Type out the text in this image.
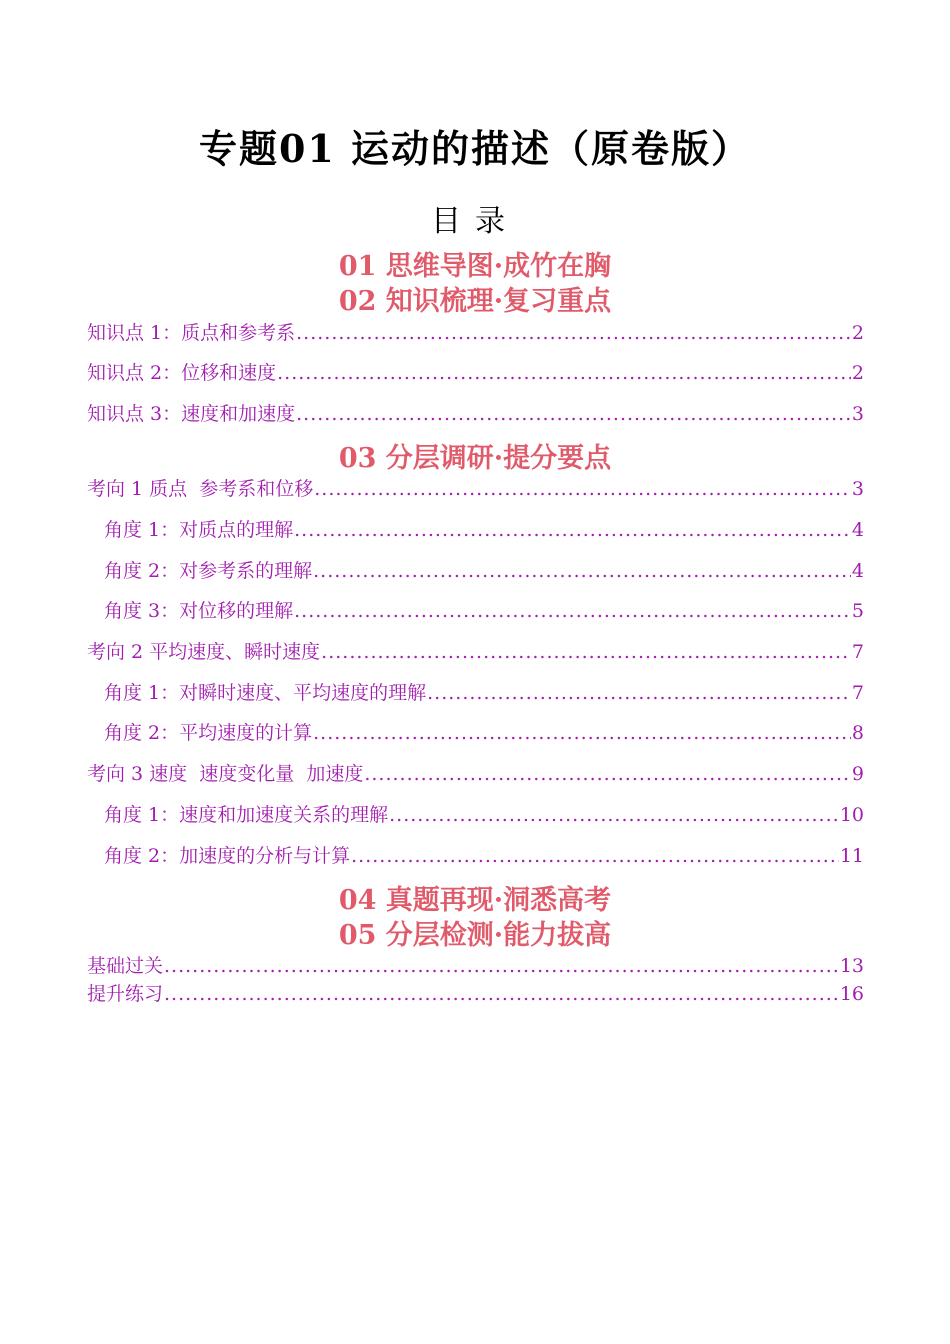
专题01 运动的描述（原卷版）
目录
01 思维导图·成竹在胸
02 知识梳理·复习重点
知识点 1：质点和参考系 .....	2
知识点 2：位移和速度 .....	2
知识点 3：速度和加速度 .....	3
03 分层调研·提分要点
考向 1 质点  参考系和位移 .....	3
角度 1：对质点的理解 .....	4
角度 2：对参考系的理解 .....	4
角度 3：对位移的理解 .....	5
考向 2 平均速度、瞬时速度 .....	7
角度 1：对瞬时速度、平均速度的理解 .....	7
角度 2：平均速度的计算 .....	8
考向 3 速度  速度变化量  加速度 .....	9
角度 1：速度和加速度关系的理解 .....	10
角度 2：加速度的分析与计算 .....	11
04 真题再现·洞悉高考
05 分层检测·能力拔高
基础过关 .....	13
提升练习 .....	16
